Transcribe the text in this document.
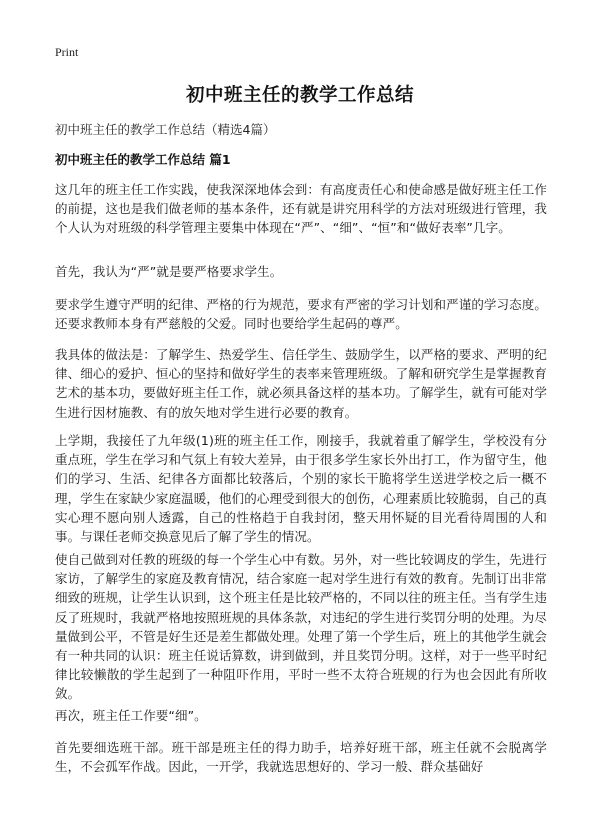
Print
初中班主任的教学工作总结
初中班主任的教学工作总结（精选4篇）
初中班主任的教学工作总结 篇1

这几年的班主任工作实践，使我深深地体会到：有高度责任心和使命感是做好班主任工作的前提，这也是我们做老师的基本条件，还有就是讲究用科学的方法对班级进行管理，我个人认为对班级的科学管理主要集中体现在“严”、“细”、“恒”和“做好表率”几字。

首先，我认为“严”就是要严格要求学生。

要求学生遵守严明的纪律、严格的行为规范，要求有严密的学习计划和严谨的学习态度。还要求教师本身有严慈般的父爱。同时也要给学生起码的尊严。

我具体的做法是：了解学生、热爱学生、信任学生、鼓励学生，以严格的要求、严明的纪律、细心的爱护、恒心的坚持和做好学生的表率来管理班级。了解和研究学生是掌握教育艺术的基本功，要做好班主任工作，就必须具备这样的基本功。了解学生，就有可能对学生进行因材施教、有的放矢地对学生进行必要的教育。

上学期，我接任了九年级(1)班的班主任工作，刚接手，我就着重了解学生，学校没有分重点班，学生在学习和气氛上有较大差异，由于很多学生家长外出打工，作为留守生，他们的学习、生活、纪律各方面都比较落后，个别的家长干脆将学生送进学校之后一概不理，学生在家缺少家庭温暖，他们的心理受到很大的创伤，心理素质比较脆弱，自己的真实心理不愿向别人透露，自己的性格趋于自我封闭，整天用怀疑的目光看待周围的人和事。与课任老师交换意见后了解了学生的情况。

使自己做到对任教的班级的每一个学生心中有数。另外，对一些比较调皮的学生，先进行家访，了解学生的家庭及教育情况，结合家庭一起对学生进行有效的教育。先制订出非常细致的班规，让学生认识到，这个班主任是比较严格的，不同以往的班主任。当有学生违反了班规时，我就严格地按照班规的具体条款，对违纪的学生进行奖罚分明的处理。为尽量做到公平，不管是好生还是差生都做处理。处理了第一个学生后，班上的其他学生就会有一种共同的认识：班主任说话算数，讲到做到，并且奖罚分明。这样，对于一些平时纪律比较懒散的学生起到了一种阻吓作用，平时一些不太符合班规的行为也会因此有所收敛。

再次，班主任工作要“细”。

首先要细选班干部。班干部是班主任的得力助手，培养好班干部，班主任就不会脱离学生，不会孤军作战。因此，一开学，我就选思想好的、学习一般、群众基础好
